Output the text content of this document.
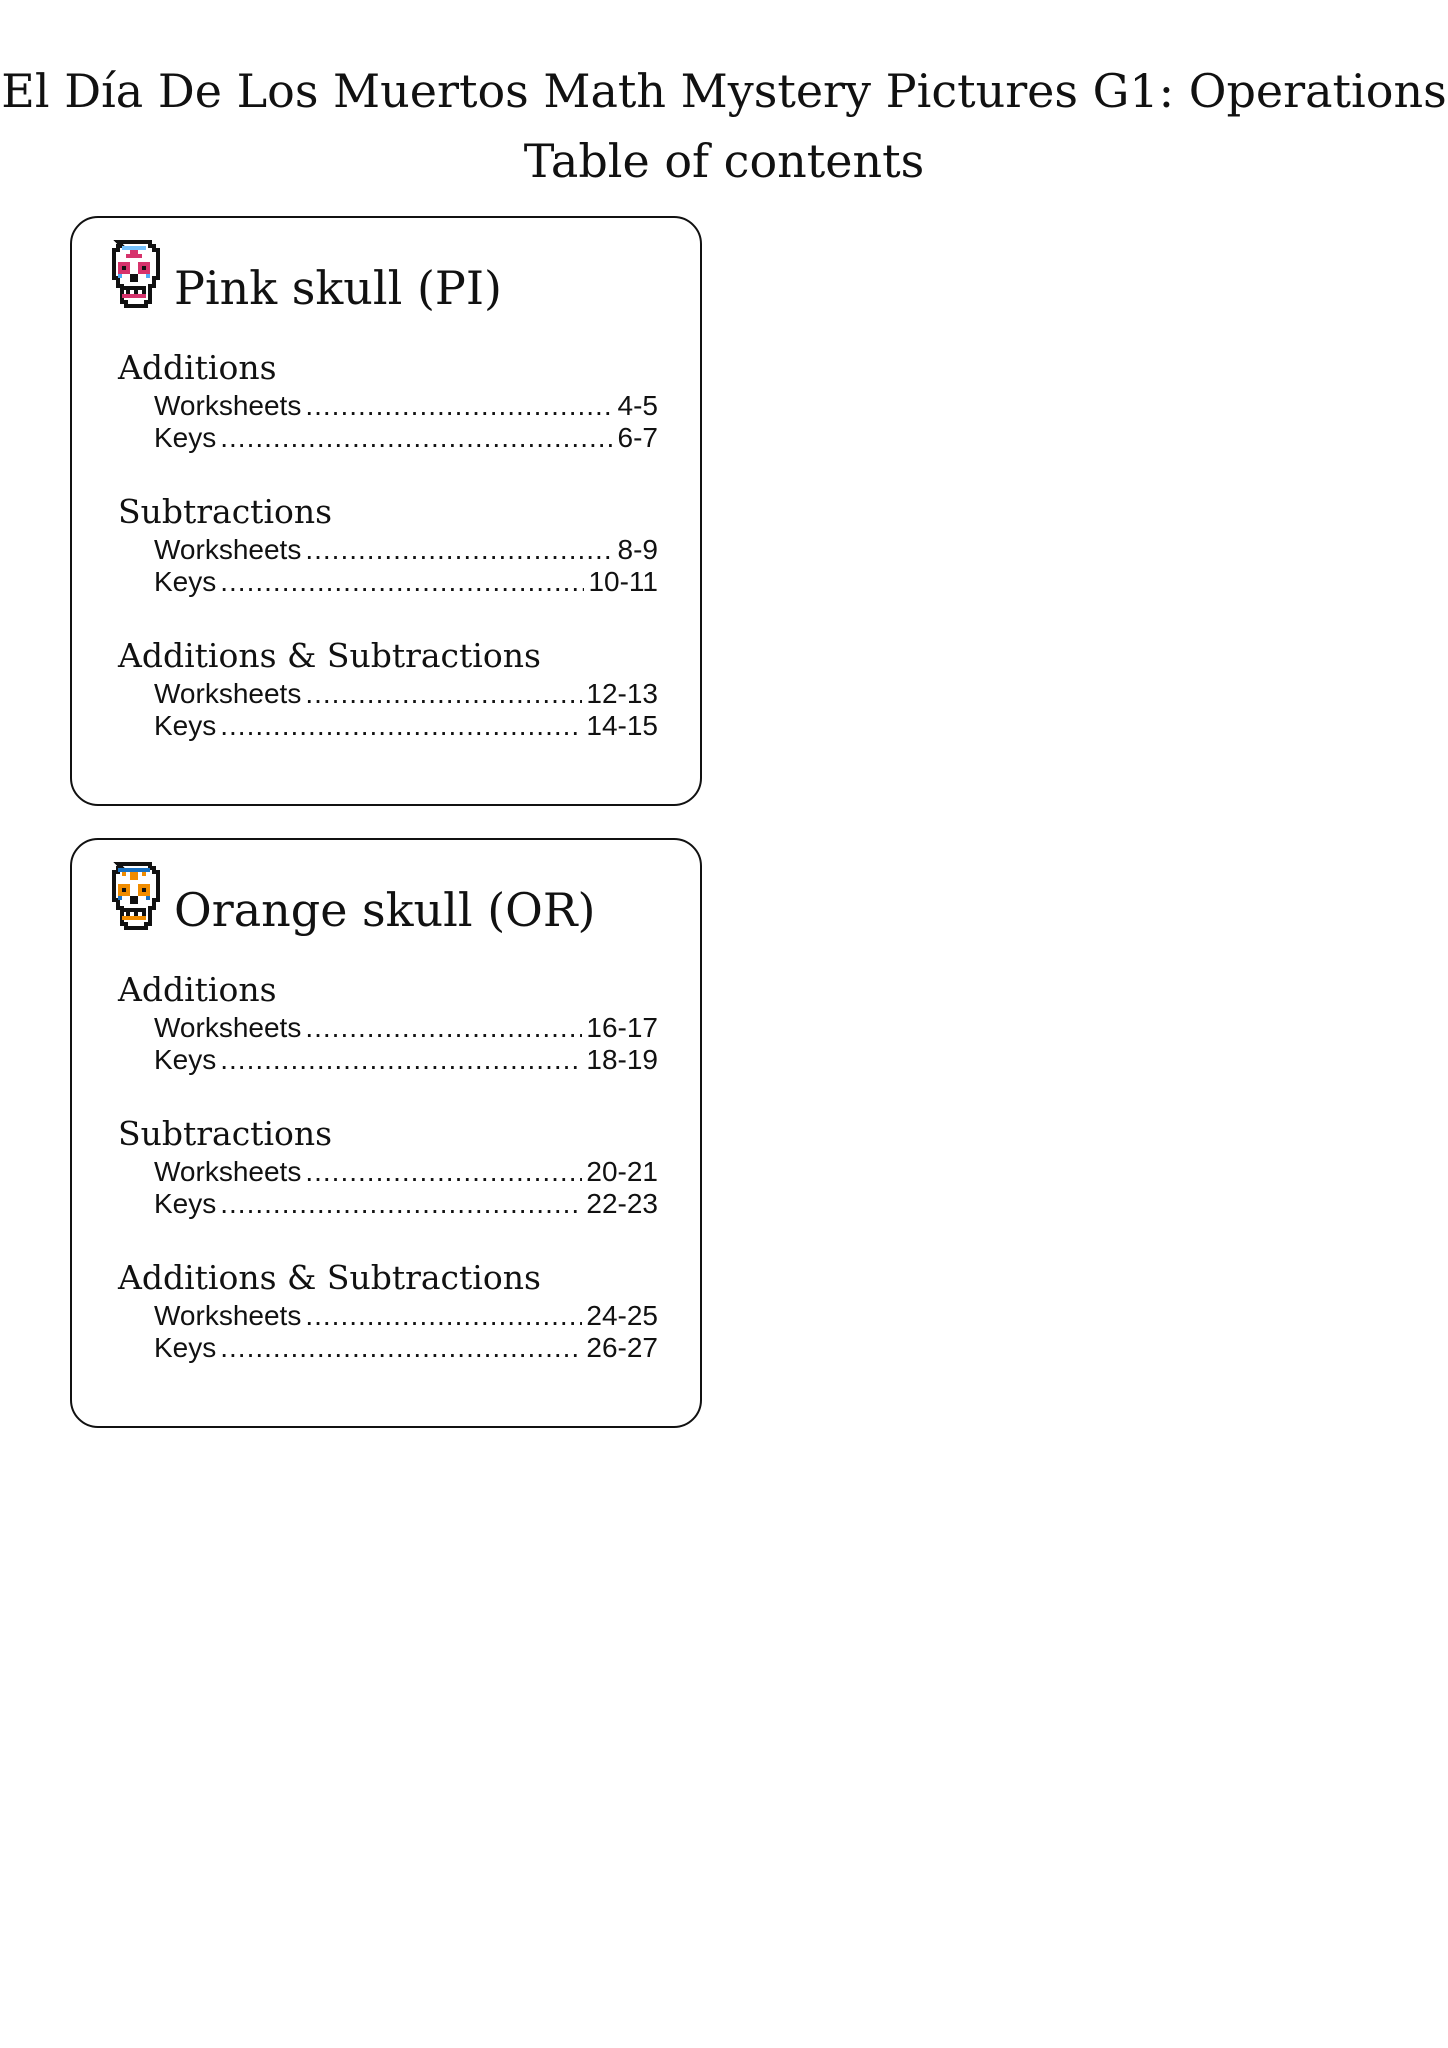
El Día De Los Muertos Math Mystery Pictures G1: Operations
Table of contents
Pink skull (PI)
Additions
Worksheets .....	4-5
Keys .....	6-7
Subtractions
Worksheets .....	8-9
Keys .....	10-11
Additions & Subtractions
Worksheets .....	12-13
Keys .....	14-15
Orange skull (OR)
Additions
Worksheets .....	16-17
Keys .....	18-19
Subtractions
Worksheets .....	20-21
Keys .....	22-23
Additions & Subtractions
Worksheets .....	24-25
Keys .....	26-27
